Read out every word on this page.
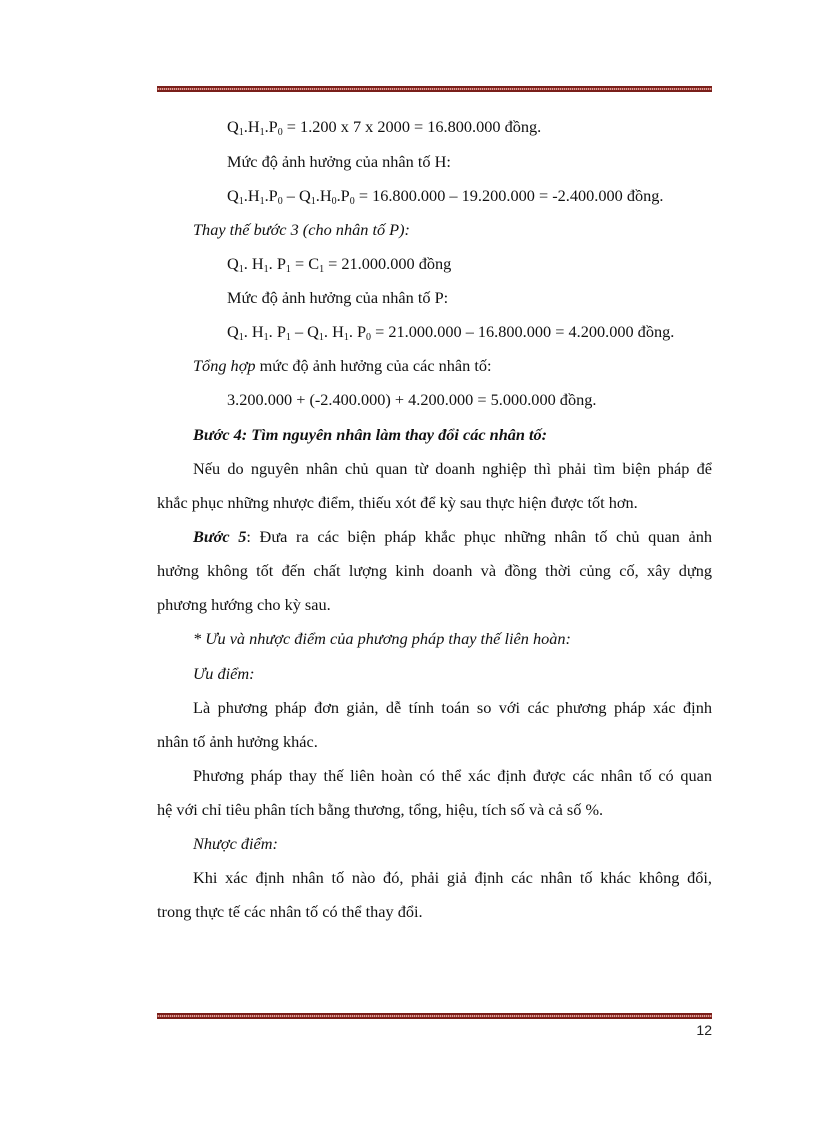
$Q_1.H_1.P_0 = 1.200$ x 7 x 2000 = 16.800.000 đồng.
Mức độ ảnh hưởng của nhân tố H:
$Q_1.H_1.P_0 - Q_1.H_0.P_0 = 16.800.000 - 19.200.000 = -2.400.000$ đồng.
Thay thế bước 3 (cho nhân tố P):
$Q_1$. $H_1$. $P_1 = C_1 = 21.000.000$ đồng
Mức độ ảnh hưởng của nhân tố P:
$Q_1$. $H_1$. $P_1 - Q_1$. $H_1$. $P_0 = 21.000.000 - 16.800.000 = 4.200.000$ đồng.
Tổng hợp mức độ ảnh hưởng của các nhân tố:
3.200.000 + (-2.400.000) + 4.200.000 = 5.000.000 đồng.
Bước 4: Tìm nguyên nhân làm thay đổi các nhân tố:
Nếu do nguyên nhân chủ quan từ doanh nghiệp thì phải tìm biện pháp để
khắc phục những nhược điểm, thiếu xót để kỳ sau thực hiện được tốt hơn.
Bước 5: Đưa ra các biện pháp khắc phục những nhân tố chủ quan ảnh
hưởng không tốt đến chất lượng kinh doanh và đồng thời củng cố, xây dựng
phương hướng cho kỳ sau.
* Ưu và nhược điểm của phương pháp thay thế liên hoàn:
Ưu điểm:
Là phương pháp đơn giản, dễ tính toán so với các phương pháp xác định
nhân tố ảnh hưởng khác.
Phương pháp thay thế liên hoàn có thể xác định được các nhân tố có quan
hệ với chỉ tiêu phân tích bằng thương, tổng, hiệu, tích số và cả số %.
Nhược điểm:
Khi xác định nhân tố nào đó, phải giả định các nhân tố khác không đổi,
trong thực tế các nhân tố có thể thay đổi.
12
